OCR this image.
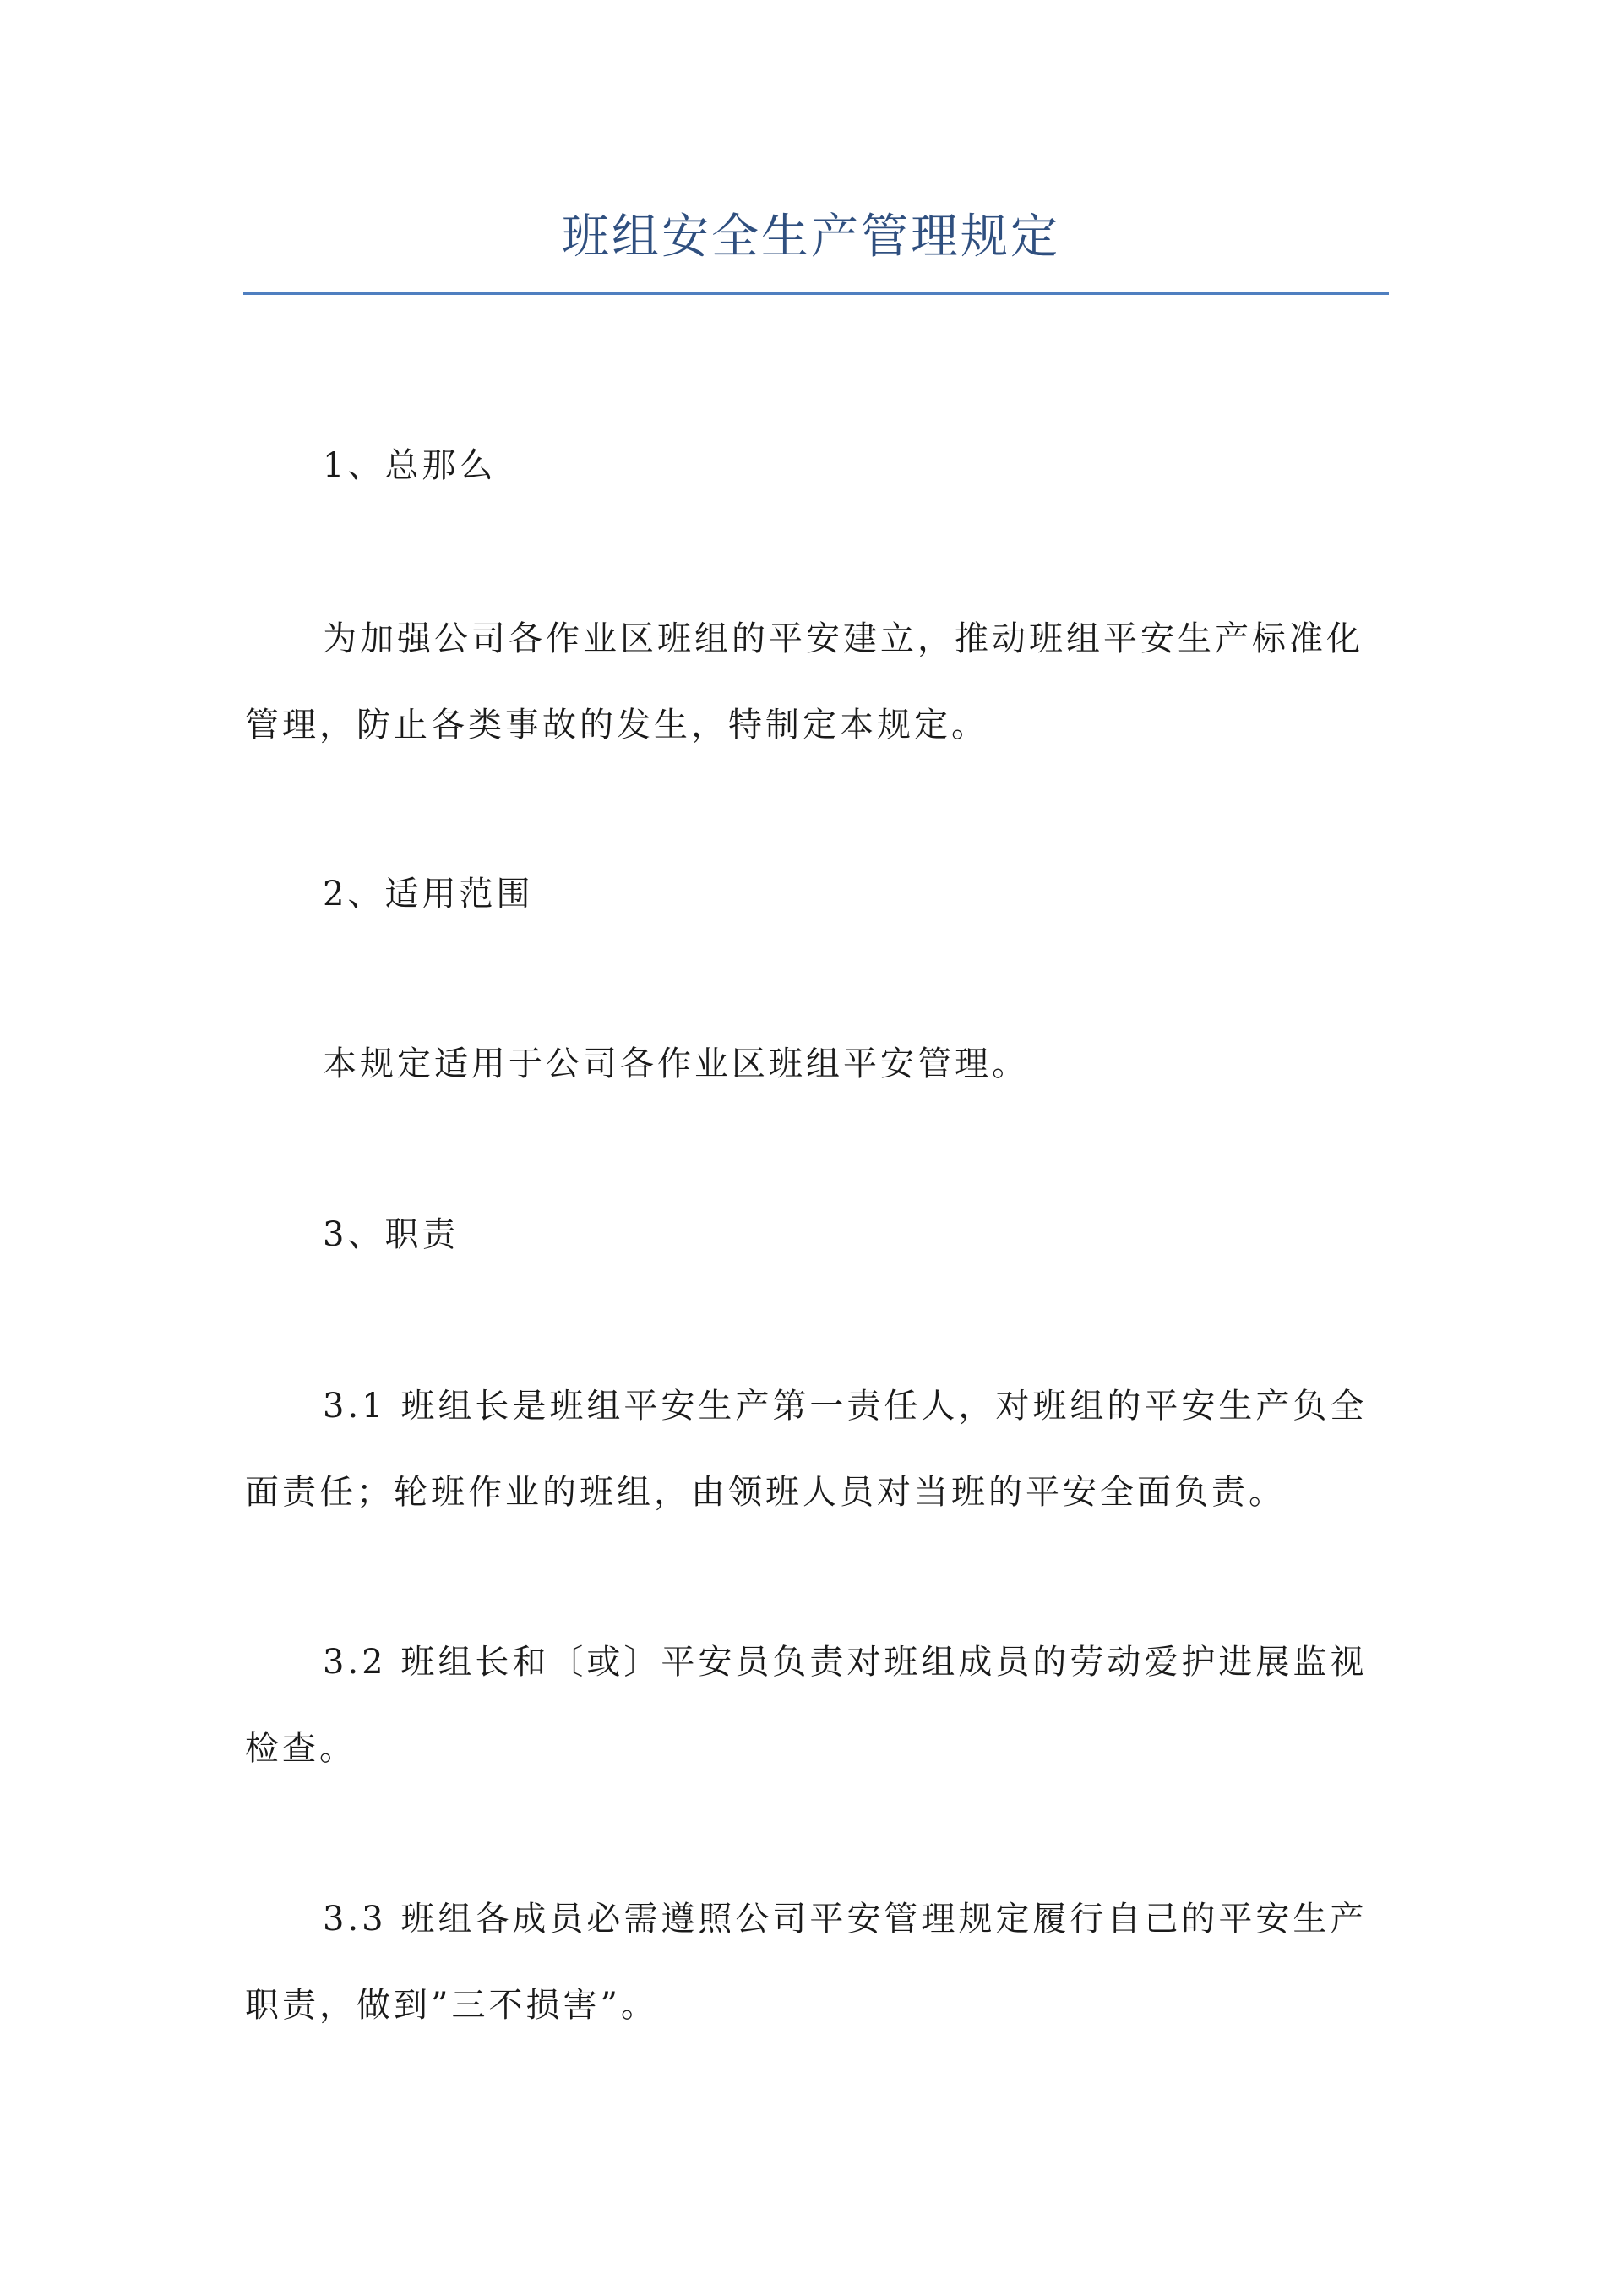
班组安全生产管理规定
1、总那么
为加强公司各作业区班组的平安建立，推动班组平安生产标准化
管理，防止各类事故的发生，特制定本规定。
2、适用范围
本规定适用于公司各作业区班组平安管理。
3、职责
3.1 班组长是班组平安生产第一责任人，对班组的平安生产负全
面责任；轮班作业的班组，由领班人员对当班的平安全面负责。
3.2 班组长和〔或〕平安员负责对班组成员的劳动爱护进展监视
检查。
3.3 班组各成员必需遵照公司平安管理规定履行自己的平安生产
职责，做到”三不损害”。
